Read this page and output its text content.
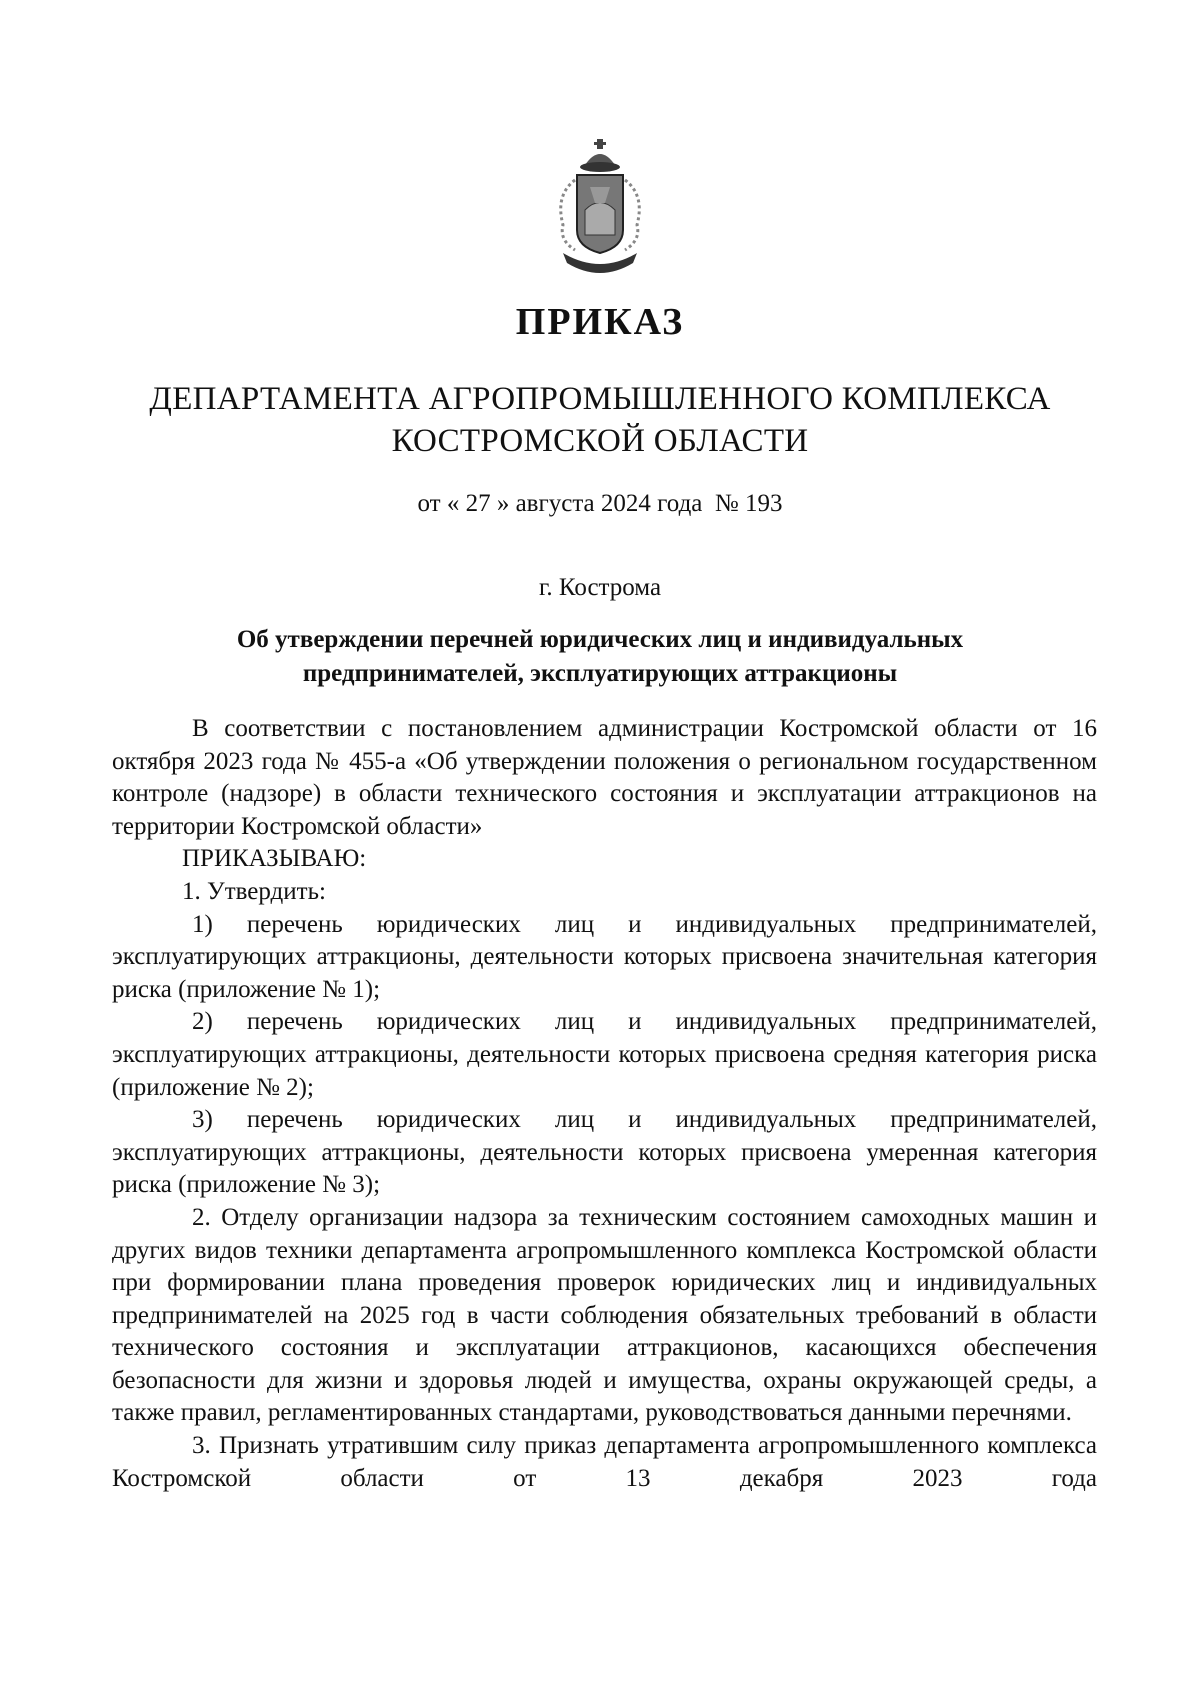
ПРИКАЗ
ДЕПАРТАМЕНТА АГРОПРОМЫШЛЕННОГО КОМПЛЕКСА
КОСТРОМСКОЙ ОБЛАСТИ
от « 27 » августа 2024 года  № 193
г. Кострома
Об утверждении перечней юридических лиц и индивидуальных
предпринимателей, эксплуатирующих аттракционы

В соответствии с постановлением администрации Костромской области от 16 октября 2023 года № 455-а «Об утверждении положения о региональном государственном контроле (надзоре) в области технического состояния и эксплуатации аттракционов на территории Костромской области»

ПРИКАЗЫВАЮ:

1. Утвердить:

1) перечень юридических лиц и индивидуальных предпринимателей, эксплуатирующих аттракционы, деятельности которых присвоена значительная категория риска (приложение № 1);

2) перечень юридических лиц и индивидуальных предпринимателей, эксплуатирующих аттракционы, деятельности которых присвоена средняя категория риска (приложение № 2);

3) перечень юридических лиц и индивидуальных предпринимателей, эксплуатирующих аттракционы, деятельности которых присвоена умеренная категория риска (приложение № 3);

2. Отделу организации надзора за техническим состоянием самоходных машин и других видов техники департамента агропромышленного комплекса Костромской области при формировании плана проведения проверок юридических лиц и индивидуальных предпринимателей на 2025 год в части соблюдения обязательных требований в области технического состояния и эксплуатации аттракционов, касающихся обеспечения безопасности для жизни и здоровья людей и имущества, охраны окружающей среды, а также правил, регламентированных стандартами, руководствоваться данными перечнями.

3. Признать утратившим силу приказ департамента агропромышленного комплекса Костромской области от 13 декабря 2023 года
